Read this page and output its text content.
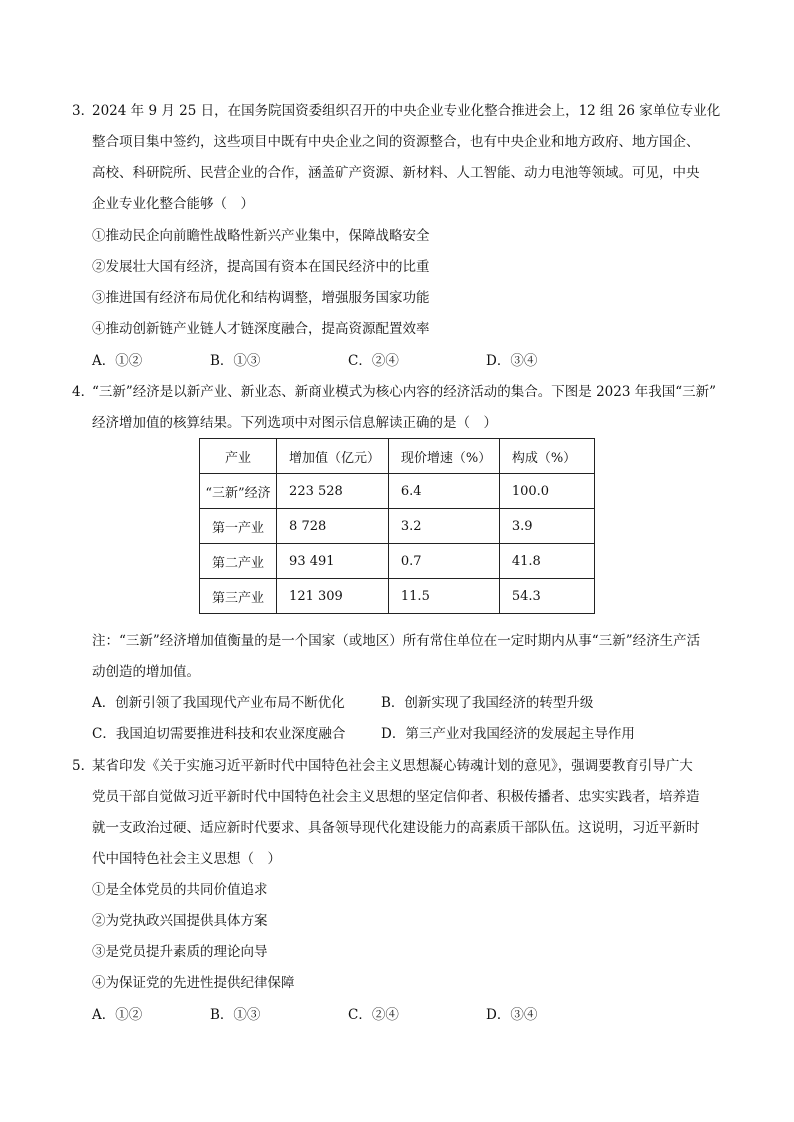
3．
2024 年 9 月 25 日，在国务院国资委组织召开的中央企业专业化整合推进会上，12 组 26 家单位专业化
整合项目集中签约，这些项目中既有中央企业之间的资源整合，也有中央企业和地方政府、地方国企、
高校、科研院所、民营企业的合作，涵盖矿产资源、新材料、人工智能、动力电池等领域。可见，中央
企业专业化整合能够（　）
①推动民企向前瞻性战略性新兴产业集中，保障战略安全
②发展壮大国有经济，提高国有资本在国民经济中的比重
③推进国有经济布局优化和结构调整，增强服务国家功能
④推动创新链产业链人才链深度融合，提高资源配置效率
A．①②	B．①③	C．②④	D．③④
4．
“三新”经济是以新产业、新业态、新商业模式为核心内容的经济活动的集合。下图是 2023 年我国“三新”
经济增加值的核算结果。下列选项中对图示信息解读正确的是（　）
产业	增加值（亿元）	现价增速（%）	构成（%）
“三新”经济	223 528	6.4	100.0
第一产业	8 728	3.2	3.9
第二产业	93 491	0.7	41.8
第三产业	121 309	11.5	54.3
注：“三新”经济增加值衡量的是一个国家（或地区）所有常住单位在一定时期内从事“三新”经济生产活
动创造的增加值。
A．创新引领了我国现代产业布局不断优化	B．创新实现了我国经济的转型升级
C．我国迫切需要推进科技和农业深度融合	D．第三产业对我国经济的发展起主导作用
5．
某省印发《关于实施习近平新时代中国特色社会主义思想凝心铸魂计划的意见》，强调要教育引导广大
党员干部自觉做习近平新时代中国特色社会主义思想的坚定信仰者、积极传播者、忠实实践者，培养造
就一支政治过硬、适应新时代要求、具备领导现代化建设能力的高素质干部队伍。这说明，习近平新时
代中国特色社会主义思想（　）
①是全体党员的共同价值追求
②为党执政兴国提供具体方案
③是党员提升素质的理论向导
④为保证党的先进性提供纪律保障
A．①②	B．①③	C．②④	D．③④
